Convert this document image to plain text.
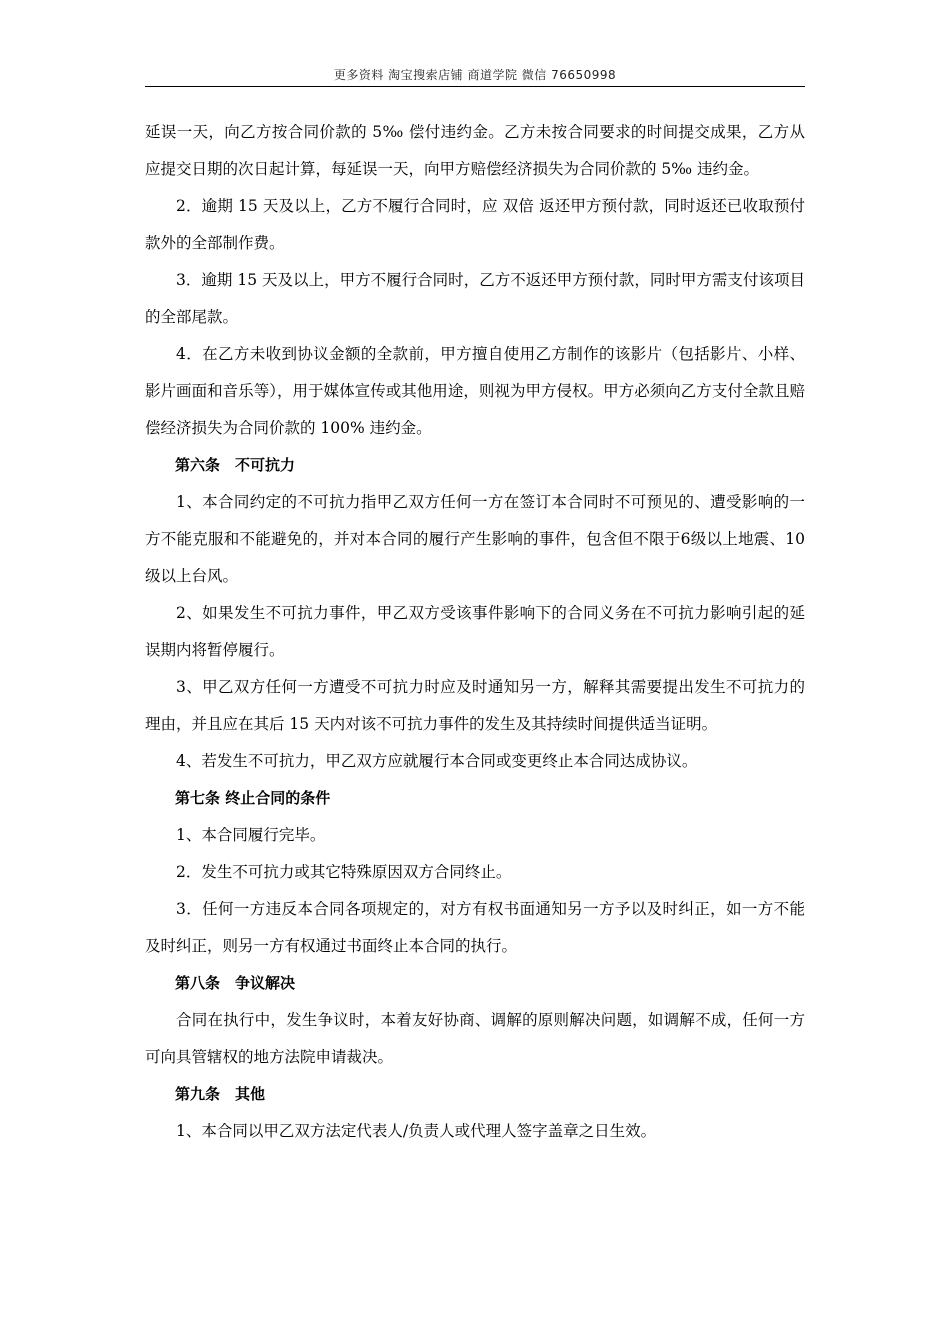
更多资料 淘宝搜索店铺 商道学院 微信 76650998

延误一天，向乙方按合同价款的 5‰ 偿付违约金。乙方未按合同要求的时间提交成果，乙方从应提交日期的次日起计算，每延误一天，向甲方赔偿经济损失为合同价款的 5‰ 违约金。

2．逾期 15 天及以上，乙方不履行合同时，应 双倍 返还甲方预付款，同时返还已收取预付款外的全部制作费。

3．逾期 15 天及以上，甲方不履行合同时，乙方不返还甲方预付款，同时甲方需支付该项目的全部尾款。

4．在乙方未收到协议金额的全款前，甲方擅自使用乙方制作的该影片（包括影片、小样、影片画面和音乐等），用于媒体宣传或其他用途，则视为甲方侵权。甲方必须向乙方支付全款且赔偿经济损失为合同价款的 100% 违约金。

第六条　不可抗力

1、本合同约定的不可抗力指甲乙双方任何一方在签订本合同时不可预见的、遭受影响的一方不能克服和不能避免的，并对本合同的履行产生影响的事件，包含但不限于6级以上地震、10级以上台风。

2、如果发生不可抗力事件，甲乙双方受该事件影响下的合同义务在不可抗力影响引起的延误期内将暂停履行。

3、甲乙双方任何一方遭受不可抗力时应及时通知另一方，解释其需要提出发生不可抗力的理由，并且应在其后 15 天内对该不可抗力事件的发生及其持续时间提供适当证明。

4、若发生不可抗力，甲乙双方应就履行本合同或变更终止本合同达成协议。

第七条 终止合同的条件

1、本合同履行完毕。

2．发生不可抗力或其它特殊原因双方合同终止。

3．任何一方违反本合同各项规定的，对方有权书面通知另一方予以及时纠正，如一方不能及时纠正，则另一方有权通过书面终止本合同的执行。

第八条　争议解决

合同在执行中，发生争议时，本着友好协商、调解的原则解决问题，如调解不成，任何一方可向具管辖权的地方法院申请裁决。

第九条　其他

1、本合同以甲乙双方法定代表人/负责人或代理人签字盖章之日生效。
